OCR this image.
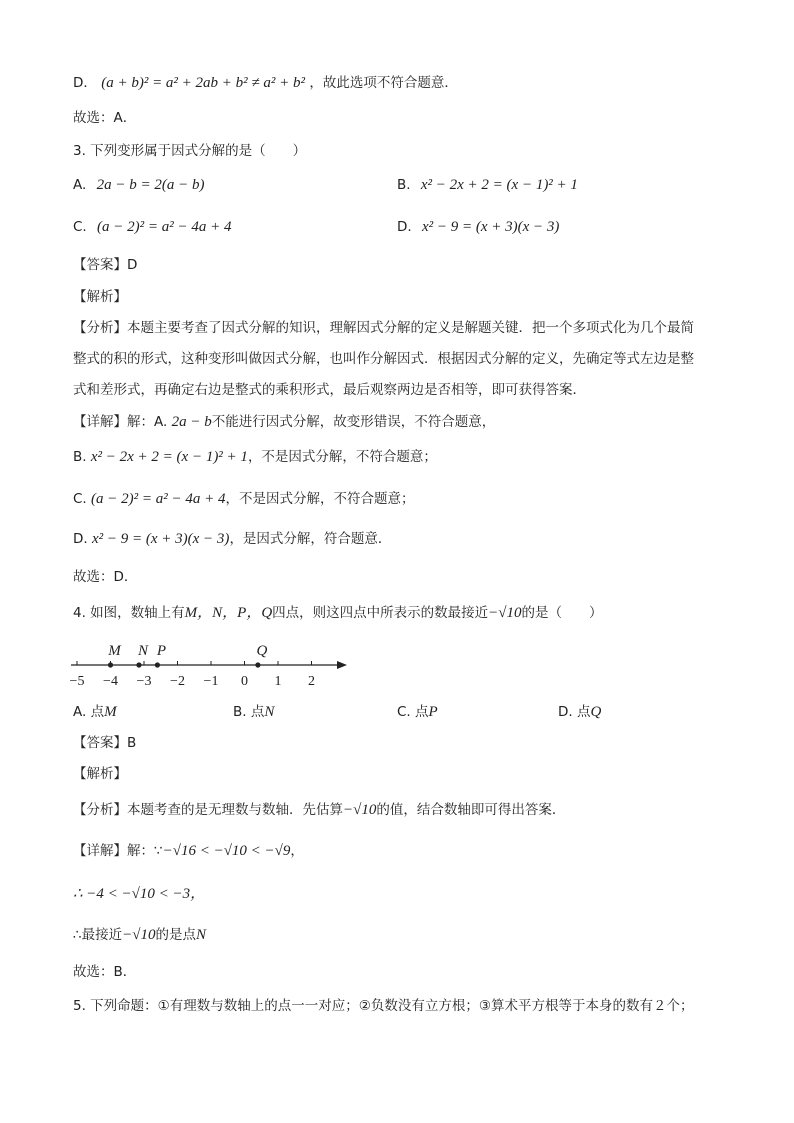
D． (a + b)² = a² + 2ab + b² ≠ a² + b² ，故此选项不符合题意．
故选：A．
3. 下列变形属于因式分解的是（　　）
A. 2a − b = 2(a − b)	B. x² − 2x + 2 = (x − 1)² + 1
C. (a − 2)² = a² − 4a + 4	D. x² − 9 = (x + 3)(x − 3)
【答案】D
【解析】
【分析】本题主要考查了因式分解的知识，理解因式分解的定义是解题关键．把一个多项式化为几个最简
整式的积的形式，这种变形叫做因式分解，也叫作分解因式．根据因式分解的定义，先确定等式左边是整
式和差形式，再确定右边是整式的乘积形式，最后观察两边是否相等，即可获得答案．
【详解】解：A. 2a − b不能进行因式分解，故变形错误，不符合题意，
B. x² − 2x + 2 = (x − 1)² + 1，不是因式分解，不符合题意；
C. (a − 2)² = a² − 4a + 4，不是因式分解，不符合题意；
D. x² − 9 = (x + 3)(x − 3)，是因式分解，符合题意．
故选：D．
4. 如图，数轴上有M，N，P，Q四点，则这四点中所表示的数最接近−√10的是（　　）
−5 −4 −3 −2 −1 0 1 2
M N P	Q
A. 点M	B. 点N	C. 点P	D. 点Q
【答案】B
【解析】
【分析】本题考查的是无理数与数轴．先估算−√10的值，结合数轴即可得出答案．
【详解】解：∵−√16 < −√10 < −√9，
∴ −4 < −√10 < −3，
∴最接近−√10的是点N
故选：B．
5. 下列命题：①有理数与数轴上的点一一对应；②负数没有立方根；③算术平方根等于本身的数有２个；
